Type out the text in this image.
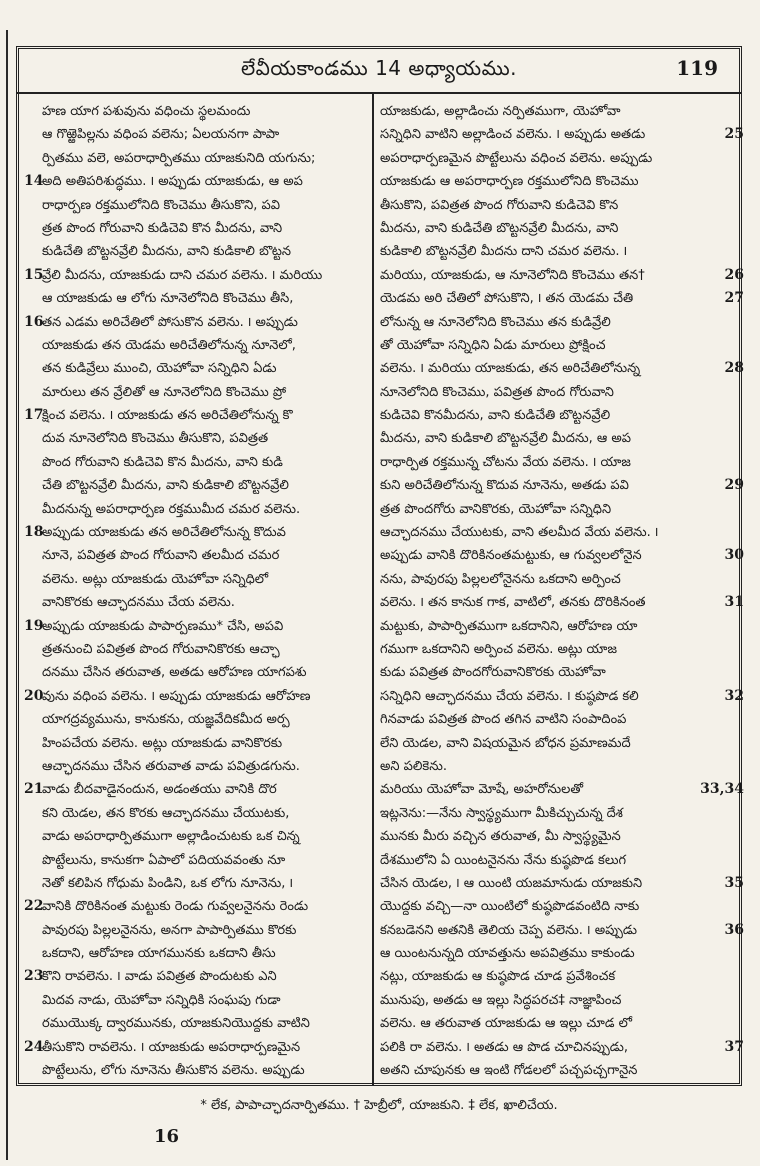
లేవీయకాండము 14 అధ్యాయము.	119
హణ యాగ పశువును వధించు స్థలమందు
ఆ గొఱ్ఱెపిల్లను వధింప వలెను; ఏలయనగా పాపా
ర్పితము వలె, అపరాధార్పితము యాజకునిది యగును;
14అది అతిపరిశుద్ధము. ౹ అప్పుడు యాజకుడు, ఆ అప
రాధార్పణ రక్తములోనిది కొంచెము తీసుకొని, పవి
త్రత పొంద గోరువాని కుడిచెవి కొన మీదను, వాని
కుడిచేతి బొట్టనవ్రేలి మీదను, వాని కుడికాలి బొట్టన
15వ్రేలి మీదను, యాజకుడు దాని చమర వలెను. ౹ మరియు
ఆ యాజకుడు ఆ లోగు నూనెలోనిది కొంచెము తీసి,
16తన ఎడమ అరిచేతిలో పోసుకొన వలెను. ౹ అప్పుడు
యాజకుడు తన యెడమ అరిచేతిలోనున్న నూనెలో,
తన కుడివ్రేలు ముంచి, యెహోవా సన్నిధిని ఏడు
మారులు తన వ్రేలితో ఆ నూనెలోనిది కొంచెము ప్రో
17క్షించ వలెను. ౹ యాజకుడు తన అరిచేతిలోనున్న కొ
దువ నూనెలోనిది కొంచెము తీసుకొని, పవిత్రత
పొంద గోరువాని కుడిచెవి కొన మీదను, వాని కుడి
చేతి బొట్టనవ్రేలి మీదను, వాని కుడికాలి బొట్టనవ్రేలి
మీదనున్న అపరాధార్పణ రక్తముమీద చమర వలెను.
18అప్పుడు యాజకుడు తన అరిచేతిలోనున్న కొదువ
నూనె, పవిత్రత పొంద గోరువాని తలమీద చమర
వలెను. అట్లు యాజకుడు యెహోవా సన్నిధిలో
వానికొరకు ఆచ్ఛాదనము చేయ వలెను.
19అప్పుడు యాజకుడు పాపార్పణము* చేసి, అపవి
త్రతనుంచి పవిత్రత పొంద గోరువానికొరకు ఆచ్ఛా
దనము చేసిన తరువాత, అతడు ఆరోహణ యాగపశు
20వును వధింప వలెను. ౹ అప్పుడు యాజకుడు ఆరోహణ
యాగద్రవ్యమును, కానుకను, యజ్ఞవేదికమీద అర్ప
హింపచేయ వలెను. అట్లు యాజకుడు వానికొరకు
ఆచ్ఛాదనము చేసిన తరువాత వాడు పవిత్రుడగును.
21వాడు బీదవాడైనందున, అడంతయు వానికి దొర
కని యెడల, తన కొరకు ఆచ్ఛాదనము చేయుటకు,
వాడు అపరాధార్పితముగా అల్లాడించుటకు ఒక చిన్న
పొట్టేలును, కానుకగా ఏపాలో పదియవవంతు నూ
నెతో కలిపిన గోధుమ పిండిని, ఒక లోగు నూనెను, ౹
22వానికి దొరికినంత మట్టుకు రెండు గువ్వలనైనను రెండు
పావురపు పిల్లలనైనను, అనగా పాపార్పితము కొరకు
ఒకదాని, ఆరోహణ యాగమునకు ఒకదాని తీసు
23కొని రావలెను. ౹ వాడు పవిత్రత పొందుటకు ఎని
మిదవ నాడు, యెహోవా సన్నిధికి సంఘపు గుడా
రముయొక్క ద్వారమునకు, యాజకునియొద్దకు వాటిని
24తీసుకొని రావలెను. ౹ యాజకుడు అపరాధార్పణమైన
పొట్టేలును, లోగు నూనెను తీసుకొన వలెను. అప్పుడు
యాజకుడు, అల్లాడించు నర్పితముగా, యెహోవా
25
సన్నిధిని వాటిని అల్లాడించ వలెను. ౹ అప్పుడు అతడు
అపరాధార్పణమైన పొట్టేలును వధించ వలెను. అప్పుడు
యాజకుడు ఆ అపరాధార్పణ రక్తములోనిది కొంచెము
తీసుకొని, పవిత్రత పొంద గోరువాని కుడిచెవి కొన
మీదను, వాని కుడిచేతి బొట్టనవ్రేలి మీదను, వాని
కుడికాలి బొట్టనవ్రేలి మీదను దాని చమర వలెను. ౹
26
మరియు, యాజకుడు, ఆ నూనెలోనిది కొంచెము తన†
27
యెడమ అరి చేతిలో పోసుకొని, ౹ తన యెడమ చేతి
లోనున్న ఆ నూనెలోనిది కొంచెము తన కుడివ్రేలి
తో యెహోవా సన్నిధిని ఏడు మారులు ప్రోక్షించ
28
వలెను. ౹ మరియు యాజకుడు, తన అరిచేతిలోనున్న
నూనెలోనిది కొంచెము, పవిత్రత పొంద గోరువాని
కుడిచెవి కొనమీదను, వాని కుడిచేతి బొట్టనవ్రేలి
మీదను, వాని కుడికాలి బొట్టనవ్రేలి మీదను, ఆ అప
రాధార్పిత రక్తమున్న చోటను వేయ వలెను. ౹ యాజ
29
కుని అరిచేతిలోనున్న కొదువ నూనెను, అతడు పవి
త్రత పొందగోరు వానికొరకు, యెహోవా సన్నిధిని
ఆచ్ఛాదనము చేయుటకు, వాని తలమీద వేయ వలెను. ౹
30
అప్పుడు వానికి దొరికినంతమట్టుకు, ఆ గువ్వలలోనైన
నను, పావురపు పిల్లలలోనైనను ఒకదాని అర్పించ
31
వలెను. ౹ తన కానుక గాక, వాటిలో, తనకు దొరికినంత
మట్టుకు, పాపార్పితముగా ఒకదానిని, ఆరోహణ యా
గముగా ఒకదానిని అర్పించ వలెను. అట్లు యాజ
కుడు పవిత్రత పొందగోరువానికొరకు యెహోవా
32
సన్నిధిని ఆచ్ఛాదనము చేయ వలెను. ౹ కుష్ఠపొడ కలి
గినవాడు పవిత్రత పొంద తగిన వాటిని సంపాదింప
లేని యెడల, వాని విషయమైన బోధన ప్రమాణమదే
అని పలికెను.
33,34
మరియు యెహోవా మోషే, అహరోనులతో
ఇట్లనెను:—నేను స్వాస్థ్యముగా మీకిచ్చుచున్న దేశ
మునకు మీరు వచ్చిన తరువాత, మీ స్వాస్థ్యమైన
దేశములోని ఏ యింటనైనను నేను కుష్ఠపొడ కలుగ
35
చేసిన యెడల, ౹ ఆ యింటి యజమానుడు యాజకుని
యొద్దకు వచ్చి—నా యింటిలో కుష్ఠపొడవంటిది నాకు
36
కనబడెనని అతనికి తెలియ చెప్ప వలెను. ౹ అప్పుడు
ఆ యింటనున్నది యావత్తును అపవిత్రము కాకుండు
నట్లు, యాజకుడు ఆ కుష్ఠపొడ చూడ ప్రవేశించక
మునుపు, అతడు ఆ ఇల్లు సిద్ధపరచ‡ నాజ్ఞాపించ
వలెను. ఆ తరువాత యాజకుడు ఆ ఇల్లు చూడ లో
37
పలికి రా వలెను. ౹ అతడు ఆ పొడ చూచినప్పుడు,
అతని చూపునకు ఆ ఇంటి గోడలలో పచ్చపచ్చగానైన
* లేక, పాపాచ్ఛాదనార్పితము. † హెబ్రీలో, యాజకుని. ‡ లేక, ఖాలిచేయ.
16
